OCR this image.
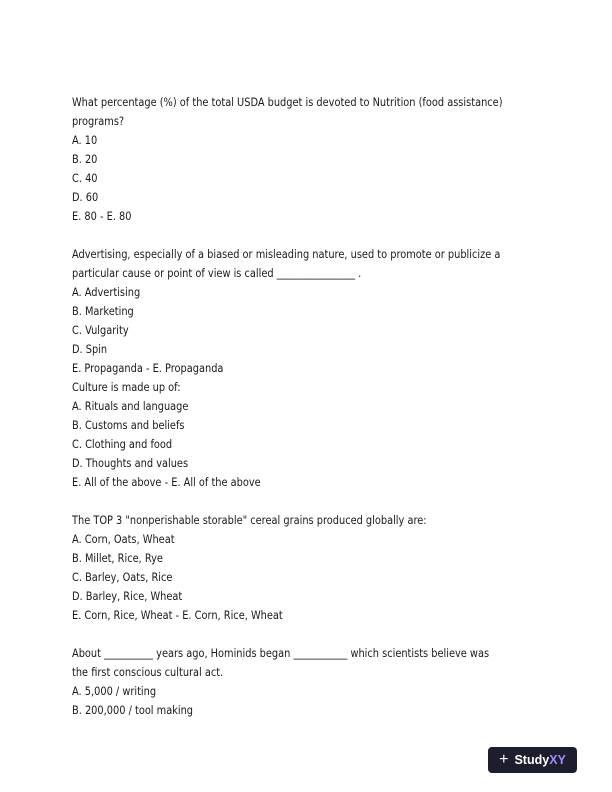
What percentage (%) of the total USDA budget is devoted to Nutrition (food assistance)
programs?
A. 10
B. 20
C. 40
D. 60
E. 80 - E. 80
Advertising, especially of a biased or misleading nature, used to promote or publicize a
particular cause or point of view is called ________________ .
A. Advertising
B. Marketing
C. Vulgarity
D. Spin
E. Propaganda - E. Propaganda
Culture is made up of:
A. Rituals and language
B. Customs and beliefs
C. Clothing and food
D. Thoughts and values
E. All of the above - E. All of the above
The TOP 3 "nonperishable storable" cereal grains produced globally are:
A. Corn, Oats, Wheat
B. Millet, Rice, Rye
C. Barley, Oats, Rice
D. Barley, Rice, Wheat
E. Corn, Rice, Wheat - E. Corn, Rice, Wheat
About __________ years ago, Hominids began ___________ which scientists believe was
the first conscious cultural act.
A. 5,000 / writing
B. 200,000 / tool making
+ StudyXY
